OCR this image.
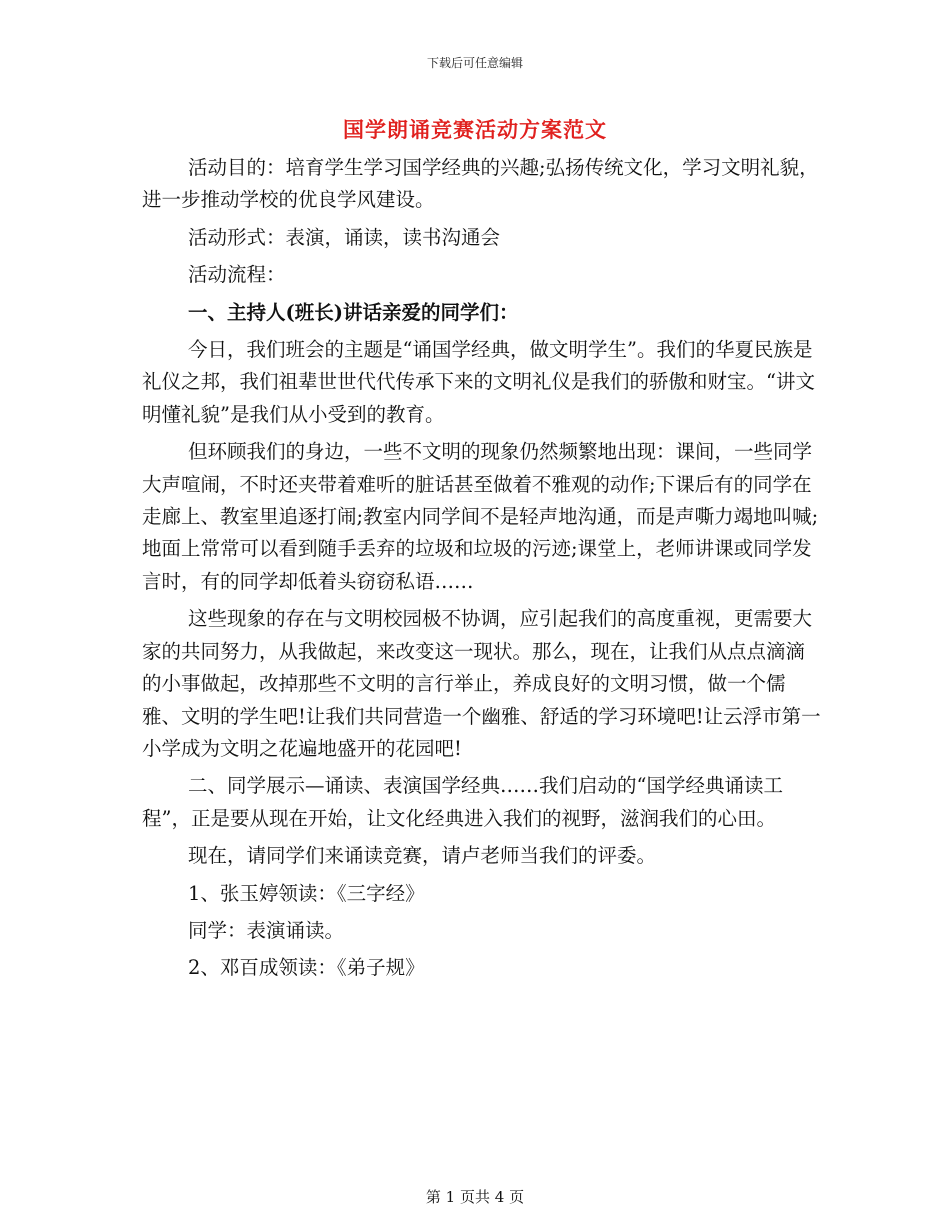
下载后可任意编辑
国学朗诵竞赛活动方案范文

活动目的：培育学生学习国学经典的兴趣;弘扬传统文化，学习文明礼貌，进一步推动学校的优良学风建设。

活动形式：表演，诵读，读书沟通会

活动流程：

一、主持人(班长)讲话亲爱的同学们：

今日，我们班会的主题是“诵国学经典，做文明学生”。我们的华夏民族是礼仪之邦，我们祖辈世世代代传承下来的文明礼仪是我们的骄傲和财宝。“讲文明懂礼貌”是我们从小受到的教育。

但环顾我们的身边，一些不文明的现象仍然频繁地出现：课间，一些同学大声喧闹，不时还夹带着难听的脏话甚至做着不雅观的动作;下课后有的同学在走廊上、教室里追逐打闹;教室内同学间不是轻声地沟通，而是声嘶力竭地叫喊;地面上常常可以看到随手丢弃的垃圾和垃圾的污迹;课堂上，老师讲课或同学发言时，有的同学却低着头窃窃私语……

这些现象的存在与文明校园极不协调，应引起我们的高度重视，更需要大家的共同努力，从我做起，来改变这一现状。那么，现在，让我们从点点滴滴的小事做起，改掉那些不文明的言行举止，养成良好的文明习惯，做一个儒雅、文明的学生吧!让我们共同营造一个幽雅、舒适的学习环境吧!让云浮市第一小学成为文明之花遍地盛开的花园吧!

二、同学展示—诵读、表演国学经典……我们启动的“国学经典诵读工程”，正是要从现在开始，让文化经典进入我们的视野，滋润我们的心田。

现在，请同学们来诵读竞赛，请卢老师当我们的评委。

1、张玉婷领读：《三字经》

同学：表演诵读。

2、邓百成领读：《弟子规》

第 1 页共 4 页
